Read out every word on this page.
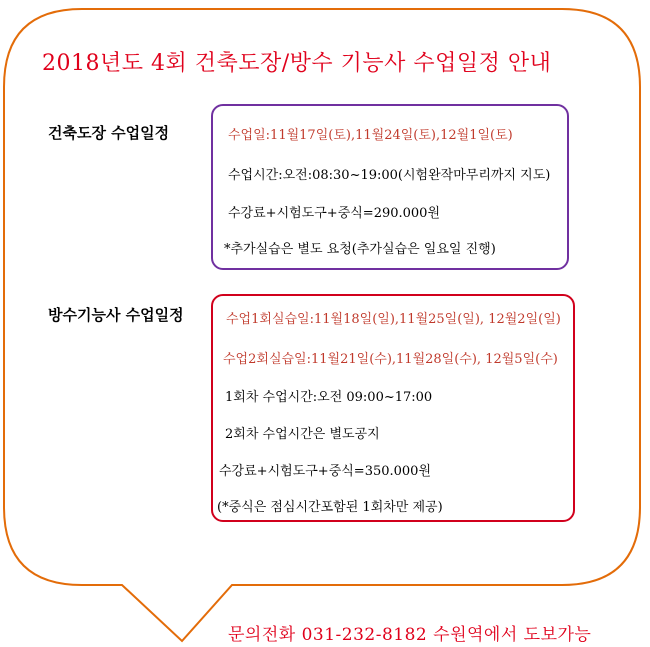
2018년도 4회 건축도장/방수 기능사 수업일정 안내
건축도장 수업일정	수업일:11월17일(토),11월24일(토),12월1일(토)
수업시간:오전:08:30~19:00(시험완작마무리까지 지도)
수강료+시험도구+중식=290.000원
*추가실습은 별도 요청(추가실습은 일요일 진행)
방수기능사 수업일정	수업1회실습일:11월18일(일),11월25일(일), 12월2일(일)
수업2회실습일:11월21일(수),11월28일(수), 12월5일(수)
1회차 수업시간:오전 09:00~17:00
2회차 수업시간은 별도공지
수강료+시험도구+중식=350.000원
(*중식은 점심시간포함된 1회차만 제공)
문의전화 031-232-8182 수원역에서 도보가능
